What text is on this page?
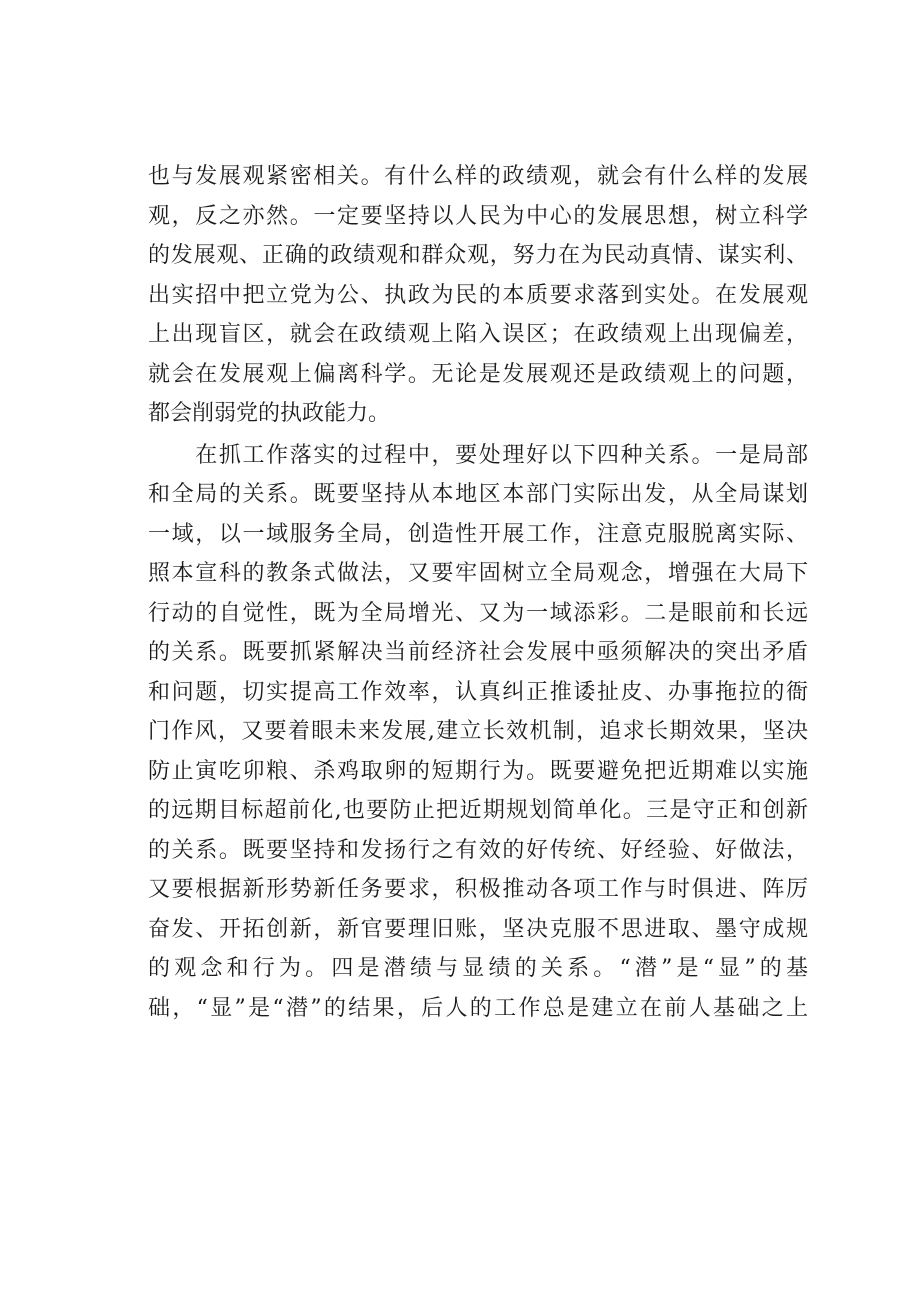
也与发展观紧密相关。有什么样的政绩观，就会有什么样的发展
观，反之亦然。一定要坚持以人民为中心的发展思想，树立科学
的发展观、正确的政绩观和群众观，努力在为民动真情、谋实利、
出实招中把立党为公、执政为民的本质要求落到实处。在发展观
上出现盲区，就会在政绩观上陷入误区；在政绩观上出现偏差，
就会在发展观上偏离科学。无论是发展观还是政绩观上的问题，
都会削弱党的执政能力。
　　在抓工作落实的过程中，要处理好以下四种关系。一是局部
和全局的关系。既要坚持从本地区本部门实际出发，从全局谋划
一域，以一域服务全局，创造性开展工作，注意克服脱离实际、
照本宣科的教条式做法，又要牢固树立全局观念，增强在大局下
行动的自觉性，既为全局增光、又为一域添彩。二是眼前和长远
的关系。既要抓紧解决当前经济社会发展中亟须解决的突出矛盾
和问题，切实提高工作效率，认真纠正推诿扯皮、办事拖拉的衙
门作风，又要着眼未来发展,建立长效机制，追求长期效果，坚决
防止寅吃卯粮、杀鸡取卵的短期行为。既要避免把近期难以实施
的远期目标超前化,也要防止把近期规划简单化。三是守正和创新
的关系。既要坚持和发扬行之有效的好传统、好经验、好做法，
又要根据新形势新任务要求，积极推动各项工作与时俱进、阵厉
奋发、开拓创新，新官要理旧账，坚决克服不思进取、墨守成规
的观念和行为。四是潜绩与显绩的关系。“潜”是“显”的基
础，“显”是“潜”的结果，后人的工作总是建立在前人基础之上
